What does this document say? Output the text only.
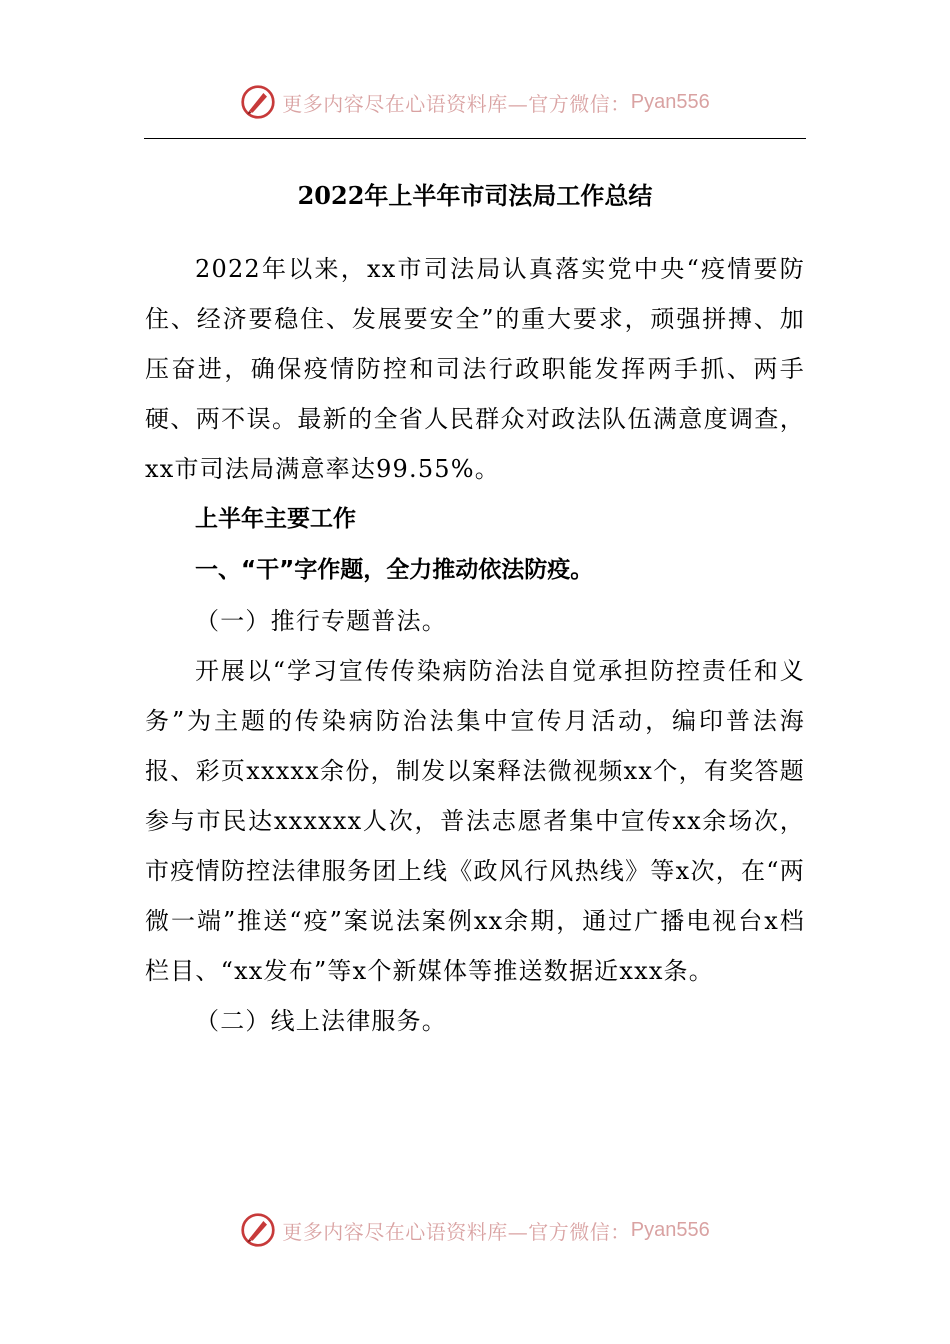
更多内容尽在心语资料库—官方微信： Pyan556
2022年上半年市司法局工作总结

2022年以来，xx市司法局认真落实党中央“疫情要防住、经济要稳住、发展要安全”的重大要求，顽强拼搏、加压奋进，确保疫情防控和司法行政职能发挥两手抓、两手硬、两不误。最新的全省人民群众对政法队伍满意度调查，xx市司法局满意率达99.55%。

上半年主要工作

一、“干”字作题，全力推动依法防疫。

（一）推行专题普法。

开展以“学习宣传传染病防治法自觉承担防控责任和义务”为主题的传染病防治法集中宣传月活动，编印普法海报、彩页xxxxx余份，制发以案释法微视频xx个，有奖答题参与市民达xxxxxx人次，普法志愿者集中宣传xx余场次，市疫情防控法律服务团上线《政风行风热线》等x次，在“两微一端”推送“疫”案说法案例xx余期，通过广播电视台x档栏目、“xx发布”等x个新媒体等推送数据近xxx条。

（二）线上法律服务。

更多内容尽在心语资料库—官方微信： Pyan556
